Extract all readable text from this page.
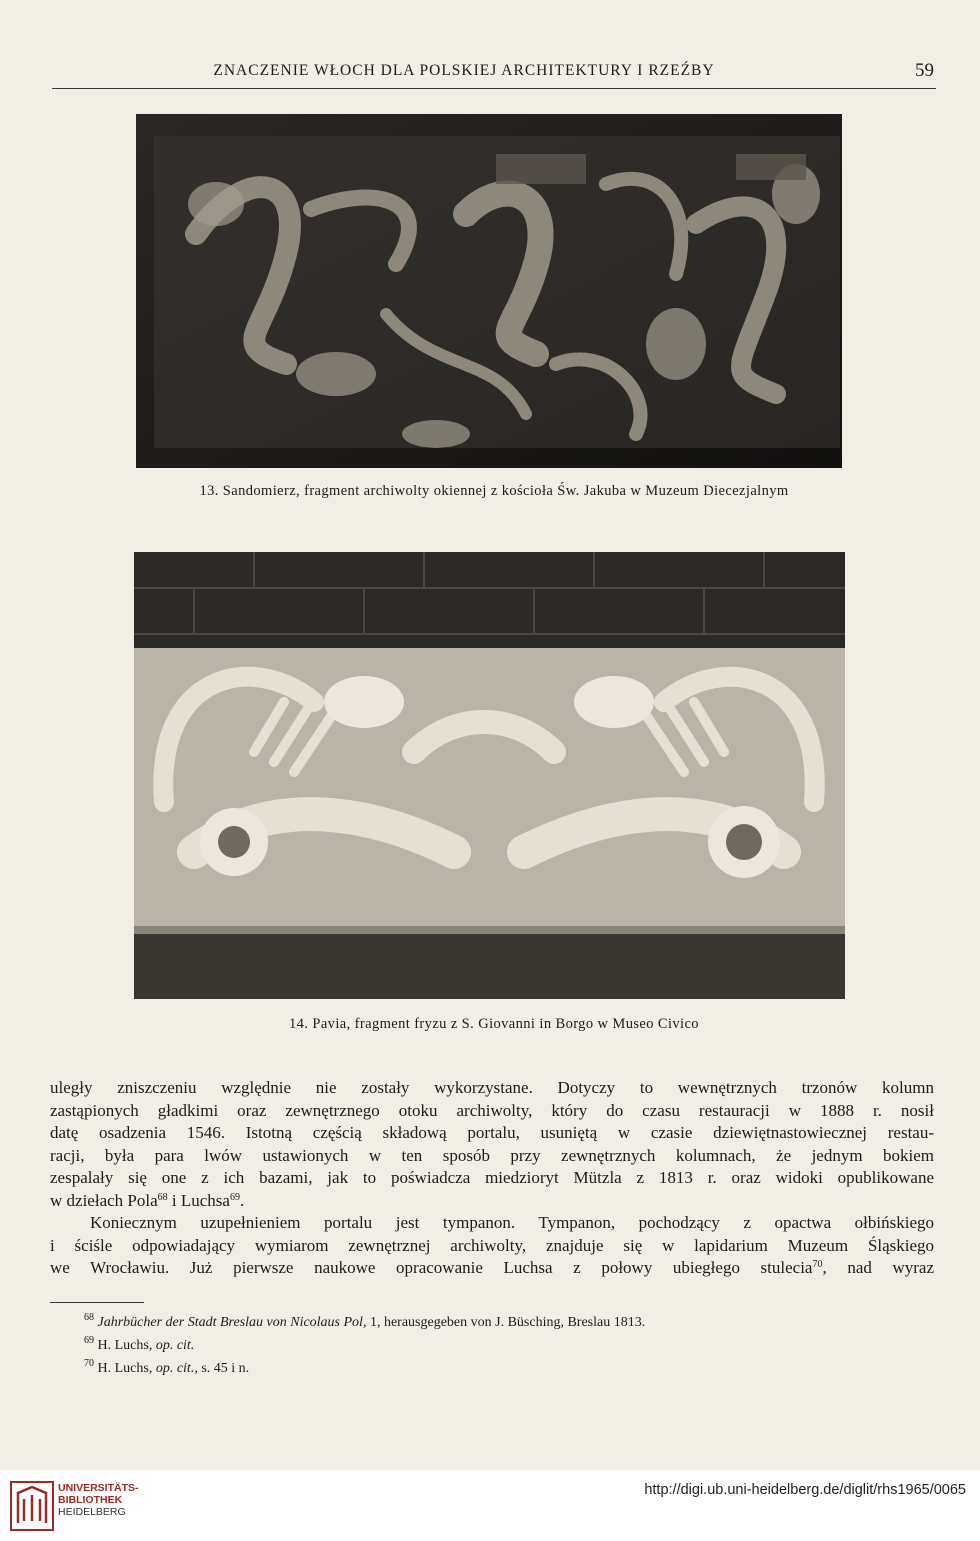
ZNACZENIE WŁOCH DLA POLSKIEJ ARCHITEKTURY I RZEŹBY	59
13. Sandomierz, fragment archiwolty okiennej z kościoła Św. Jakuba w Muzeum Diecezjalnym
14. Pavia, fragment fryzu z S. Giovanni in Borgo w Museo Civico
uległy zniszczeniu względnie nie zostały wykorzystane. Dotyczy to wewnętrznych trzonów kolumn
zastąpionych gładkimi oraz zewnętrznego otoku archiwolty, który do czasu restauracji w 1888 r. nosił
datę osadzenia 1546. Istotną częścią składową portalu, usuniętą w czasie dziewiętnastowiecznej restau-
racji, była para lwów ustawionych w ten sposób przy zewnętrznych kolumnach, że jednym bokiem
zespalały się one z ich bazami, jak to poświadcza miedzioryt Mützla z 1813 r. oraz widoki opublikowane
w dziełach Pola$^{68}$ i Luchsa$^{69}$.
Koniecznym uzupełnieniem portalu jest tympanon. Tympanon, pochodzący z opactwa ołbińskiego
i ściśle odpowiadający wymiarom zewnętrznej archiwolty, znajduje się w lapidarium Muzeum Śląskiego
we Wrocławiu. Już pierwsze naukowe opracowanie Luchsa z połowy ubiegłego stulecia$^{70}$, nad wyraz
$^{68}$ Jahrbücher der Stadt Breslau von Nicolaus Pol, 1, herausgegeben von J. Büsching, Breslau 1813.
$^{69}$ H. Luchs, op. cit.
$^{70}$ H. Luchs, op. cit., s. 45 i n.
UNIVERSITÄTS-
BIBLIOTHEK
HEIDELBERG
http://digi.ub.uni-heidelberg.de/diglit/rhs1965/0065
